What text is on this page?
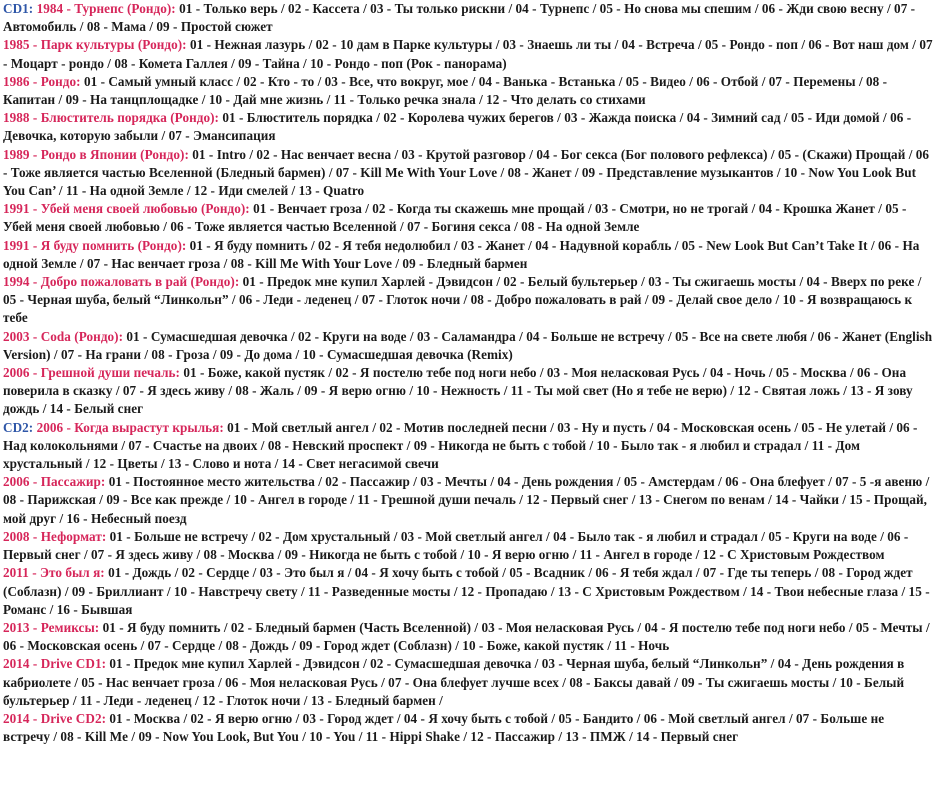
CD1: 1984 - Турнепс (Рондо): 01 - Только верь / 02 - Кассета / 03 - Ты только рискни / 04 - Турнепс / 05 - Но снова мы спешим / 06 - Жди свою весну / 07 - Автомобиль / 08 - Мама / 09 - Простой сюжет

1985 - Парк культуры (Рондо): 01 - Нежная лазурь / 02 - 10 дам в Парке культуры / 03 - Знаешь ли ты / 04 - Встреча / 05 - Рондо - поп / 06 - Вот наш дом / 07 - Моцарт - рондо / 08 - Комета Галлея / 09 - Тайна / 10 - Рондо - поп (Рок - панорама)

1986 - Рондо: 01 - Самый умный класс / 02 - Кто - то / 03 - Все, что вокруг, мое / 04 - Ванька - Встанька / 05 - Видео / 06 - Отбой / 07 - Перемены / 08 - Капитан / 09 - На танцплощадке / 10 - Дай мне жизнь / 11 - Только речка знала / 12 - Что делать со стихами

1988 - Блюститель порядка (Рондо): 01 - Блюститель порядка / 02 - Королева чужих берегов / 03 - Жажда поиска / 04 - Зимний сад / 05 - Иди домой / 06 - Девочка, которую забыли / 07 - Эмансипация

1989 - Рондо в Японии (Рондо): 01 - Intro / 02 - Нас венчает весна / 03 - Крутой разговор / 04 - Бог секса (Бог полового рефлекса) / 05 - (Скажи) Прощай / 06 - Тоже является частью Вселенной (Бледный бармен) / 07 - Kill Me With Your Love / 08 - Жанет / 09 - Представление музыкантов / 10 - Now You Look But You Can’ / 11 - На одной Земле / 12 - Иди смелей / 13 - Quatro

1991 - Убей меня своей любовью (Рондо): 01 - Венчает гроза / 02 - Когда ты скажешь мне прощай / 03 - Смотри, но не трогай / 04 - Крошка Жанет / 05 - Убей меня своей любовью / 06 - Тоже является частью Вселенной / 07 - Богиня секса / 08 - На одной Земле

1991 - Я буду помнить (Рондо): 01 - Я буду помнить / 02 - Я тебя недолюбил / 03 - Жанет / 04 - Надувной корабль / 05 - New Look But Can’t Take It / 06 - На одной Земле / 07 - Нас венчает гроза / 08 - Kill Me With Your Love / 09 - Бледный бармен

1994 - Добро пожаловать в рай (Рондо): 01 - Предок мне купил Харлей - Дэвидсон / 02 - Белый бультерьер / 03 - Ты сжигаешь мосты / 04 - Вверх по реке / 05 - Черная шуба, белый “Линкольн” / 06 - Леди - леденец / 07 - Глоток ночи / 08 - Добро пожаловать в рай / 09 - Делай свое дело / 10 - Я возвращаюсь к тебе

2003 - Coda (Рондо): 01 - Сумасшедшая девочка / 02 - Круги на воде / 03 - Саламандра / 04 - Больше не встречу / 05 - Все на свете любя / 06 - Жанет (English Version) / 07 - На грани / 08 - Гроза / 09 - До дома / 10 - Сумасшедшая девочка (Remix)

2006 - Грешной души печаль: 01 - Боже, какой пустяк / 02 - Я постелю тебе под ноги небо / 03 - Моя неласковая Русь / 04 - Ночь / 05 - Москва / 06 - Она поверила в сказку / 07 - Я здесь живу / 08 - Жаль / 09 - Я верю огню / 10 - Нежность / 11 - Ты мой свет (Но я тебе не верю) / 12 - Святая ложь / 13 - Я зову дождь / 14 - Белый снег

CD2: 2006 - Когда вырастут крылья: 01 - Мой светлый ангел / 02 - Мотив последней песни / 03 - Ну и пусть / 04 - Московская осень / 05 - Не улетай / 06 - Над колокольнями / 07 - Счастье на двоих / 08 - Невский проспект / 09 - Никогда не быть с тобой / 10 - Было так - я любил и страдал / 11 - Дом хрустальный / 12 - Цветы / 13 - Слово и нота / 14 - Свет негасимой свечи

2006 - Пассажир: 01 - Постоянное место жительства / 02 - Пассажир / 03 - Мечты / 04 - День рождения / 05 - Амстердам / 06 - Она блефует / 07 - 5 -я авеню / 08 - Парижская / 09 - Все как прежде / 10 - Ангел в городе / 11 - Грешной души печаль / 12 - Первый снег / 13 - Снегом по венам / 14 - Чайки / 15 - Прощай, мой друг / 16 - Небесный поезд

2008 - Неформат: 01 - Больше не встречу / 02 - Дом хрустальный / 03 - Мой светлый ангел / 04 - Было так - я любил и страдал / 05 - Круги на воде / 06 - Первый снег / 07 - Я здесь живу / 08 - Москва / 09 - Никогда не быть с тобой / 10 - Я верю огню / 11 - Ангел в городе / 12 - С Христовым Рождеством

2011 - Это был я: 01 - Дождь / 02 - Сердце / 03 - Это был я / 04 - Я хочу быть с тобой / 05 - Всадник / 06 - Я тебя ждал / 07 - Где ты теперь / 08 - Город ждет (Соблазн) / 09 - Бриллиант / 10 - Навстречу свету / 11 - Разведенные мосты / 12 - Пропадаю / 13 - С Христовым Рождеством / 14 - Твои небесные глаза / 15 - Романс / 16 - Бывшая

2013 - Ремиксы: 01 - Я буду помнить / 02 - Бледный бармен (Часть Вселенной) / 03 - Моя неласковая Русь / 04 - Я постелю тебе под ноги небо / 05 - Мечты / 06 - Московская осень / 07 - Сердце / 08 - Дождь / 09 - Город ждет (Соблазн) / 10 - Боже, какой пустяк / 11 - Ночь

2014 - Drive CD1: 01 - Предок мне купил Харлей - Дэвидсон / 02 - Сумасшедшая девочка / 03 - Черная шуба, белый “Линкольн” / 04 - День рождения в кабриолете / 05 - Нас венчает гроза / 06 - Моя неласковая Русь / 07 - Она блефует лучше всех / 08 - Баксы давай / 09 - Ты сжигаешь мосты / 10 - Белый бультерьер / 11 - Леди - леденец / 12 - Глоток ночи / 13 - Бледный бармен /

2014 - Drive CD2: 01 - Москва / 02 - Я верю огню / 03 - Город ждет / 04 - Я хочу быть с тобой / 05 - Бандито / 06 - Мой светлый ангел / 07 - Больше не встречу / 08 - Kill Me / 09 - Now You Look, But You / 10 - You / 11 - Hippi Shake / 12 - Пассажир / 13 - ПМЖ / 14 - Первый снег
